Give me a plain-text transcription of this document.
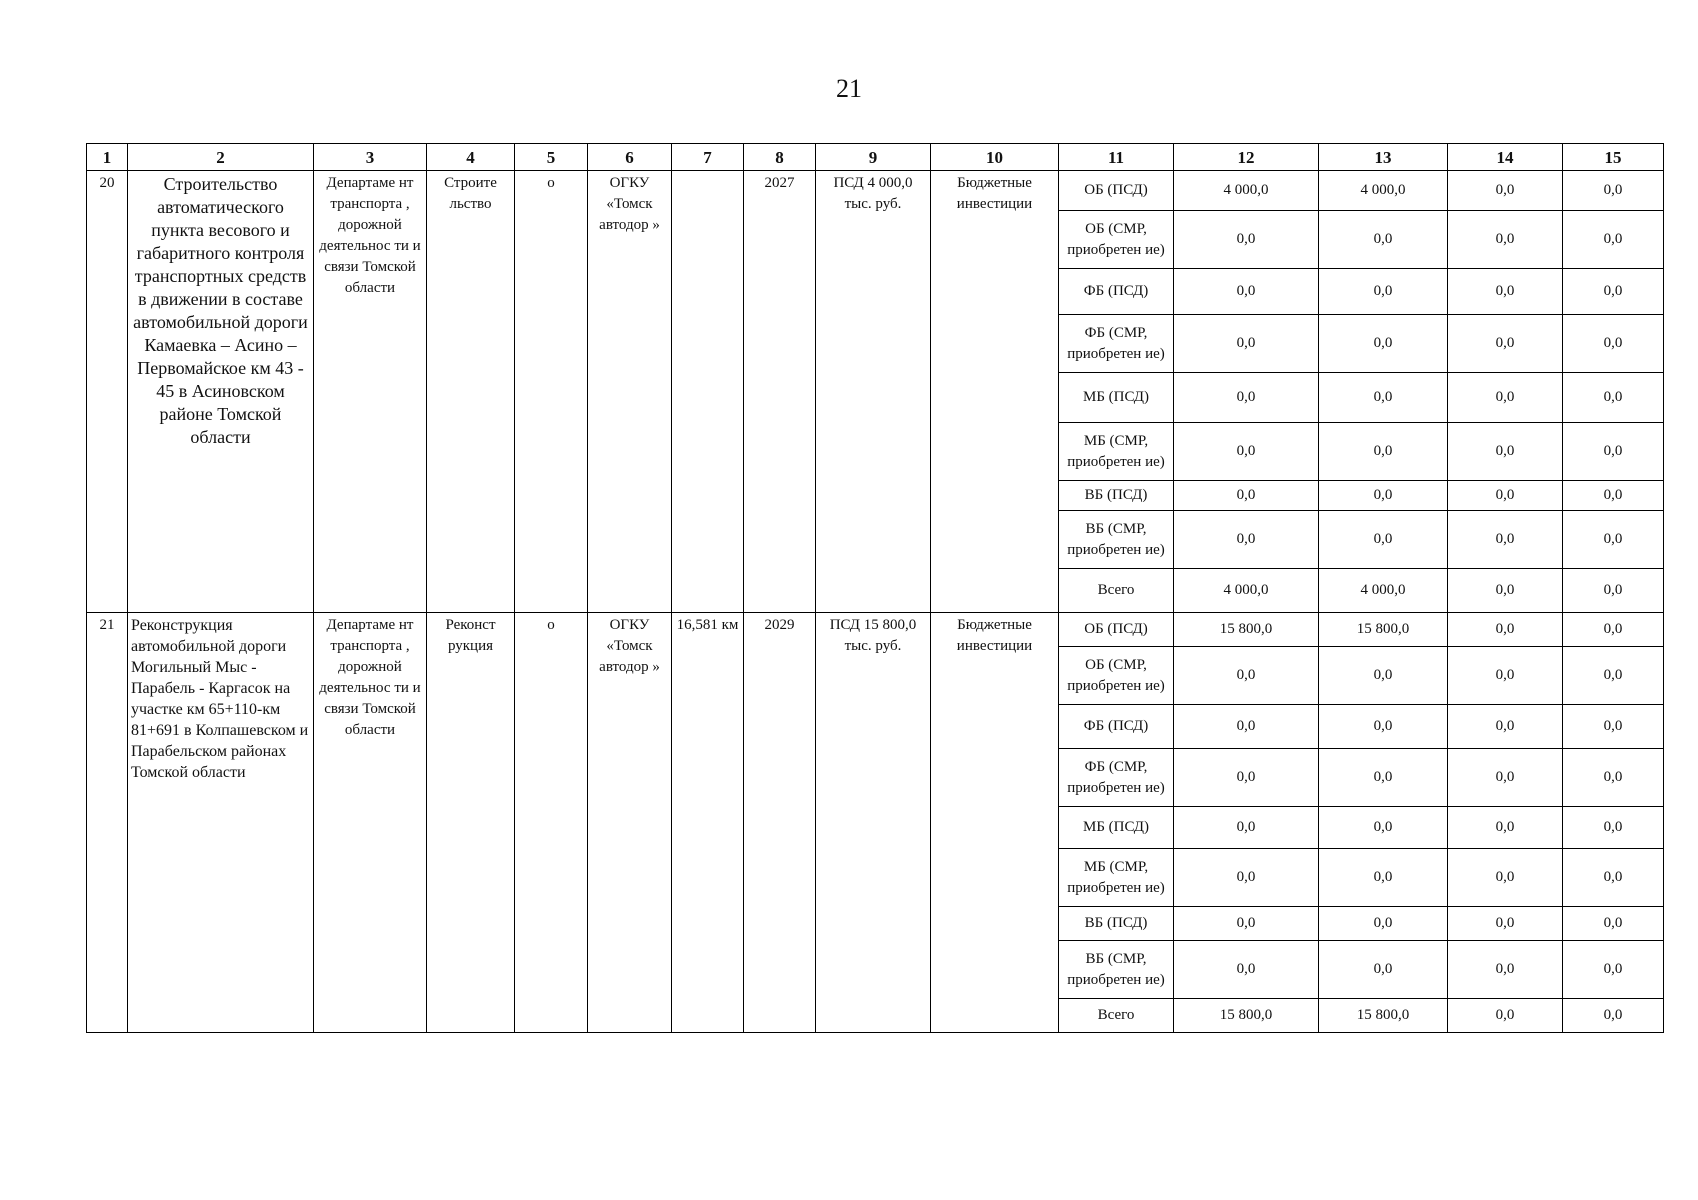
21
1	2	3	4	5	6	7	8	9	10	11	12	13	14	15
20	Строительство автоматического пункта весового и габаритного контроля транспортных средств в движении в составе автомобильной дороги Камаевка – Асино – Первомайское км 43 - 45 в Асиновском районе Томской области	Департаме нт транспорта , дорожной деятельнос ти и связи Томской области	Строите льство	о	ОГКУ «Томск автодор »		2027	ПСД 4 000,0 тыс. руб.	Бюджетные инвестиции	ОБ (ПСД)	4 000,0	4 000,0	0,0	0,0
										ОБ (СМР, приобретен ие)	0,0	0,0	0,0	0,0
										ФБ (ПСД)	0,0	0,0	0,0	0,0
										ФБ (СМР, приобретен ие)	0,0	0,0	0,0	0,0
										МБ (ПСД)	0,0	0,0	0,0	0,0
										МБ (СМР, приобретен ие)	0,0	0,0	0,0	0,0
										ВБ (ПСД)	0,0	0,0	0,0	0,0
										ВБ (СМР, приобретен ие)	0,0	0,0	0,0	0,0
										Всего	4 000,0	4 000,0	0,0	0,0
21	Реконструкция автомобильной дороги Могильный Мыс - Парабель - Каргасок на участке км 65+110-км 81+691 в Колпашевском и Парабельском районах Томской области	Департаме нт транспорта , дорожной деятельнос ти и связи Томской области	Реконст рукция	о	ОГКУ «Томск автодор »	16,581 км	2029	ПСД 15 800,0 тыс. руб.	Бюджетные инвестиции	ОБ (ПСД)	15 800,0	15 800,0	0,0	0,0
										ОБ (СМР, приобретен ие)	0,0	0,0	0,0	0,0
										ФБ (ПСД)	0,0	0,0	0,0	0,0
										ФБ (СМР, приобретен ие)	0,0	0,0	0,0	0,0
										МБ (ПСД)	0,0	0,0	0,0	0,0
										МБ (СМР, приобретен ие)	0,0	0,0	0,0	0,0
										ВБ (ПСД)	0,0	0,0	0,0	0,0
										ВБ (СМР, приобретен ие)	0,0	0,0	0,0	0,0
										Всего	15 800,0	15 800,0	0,0	0,0
